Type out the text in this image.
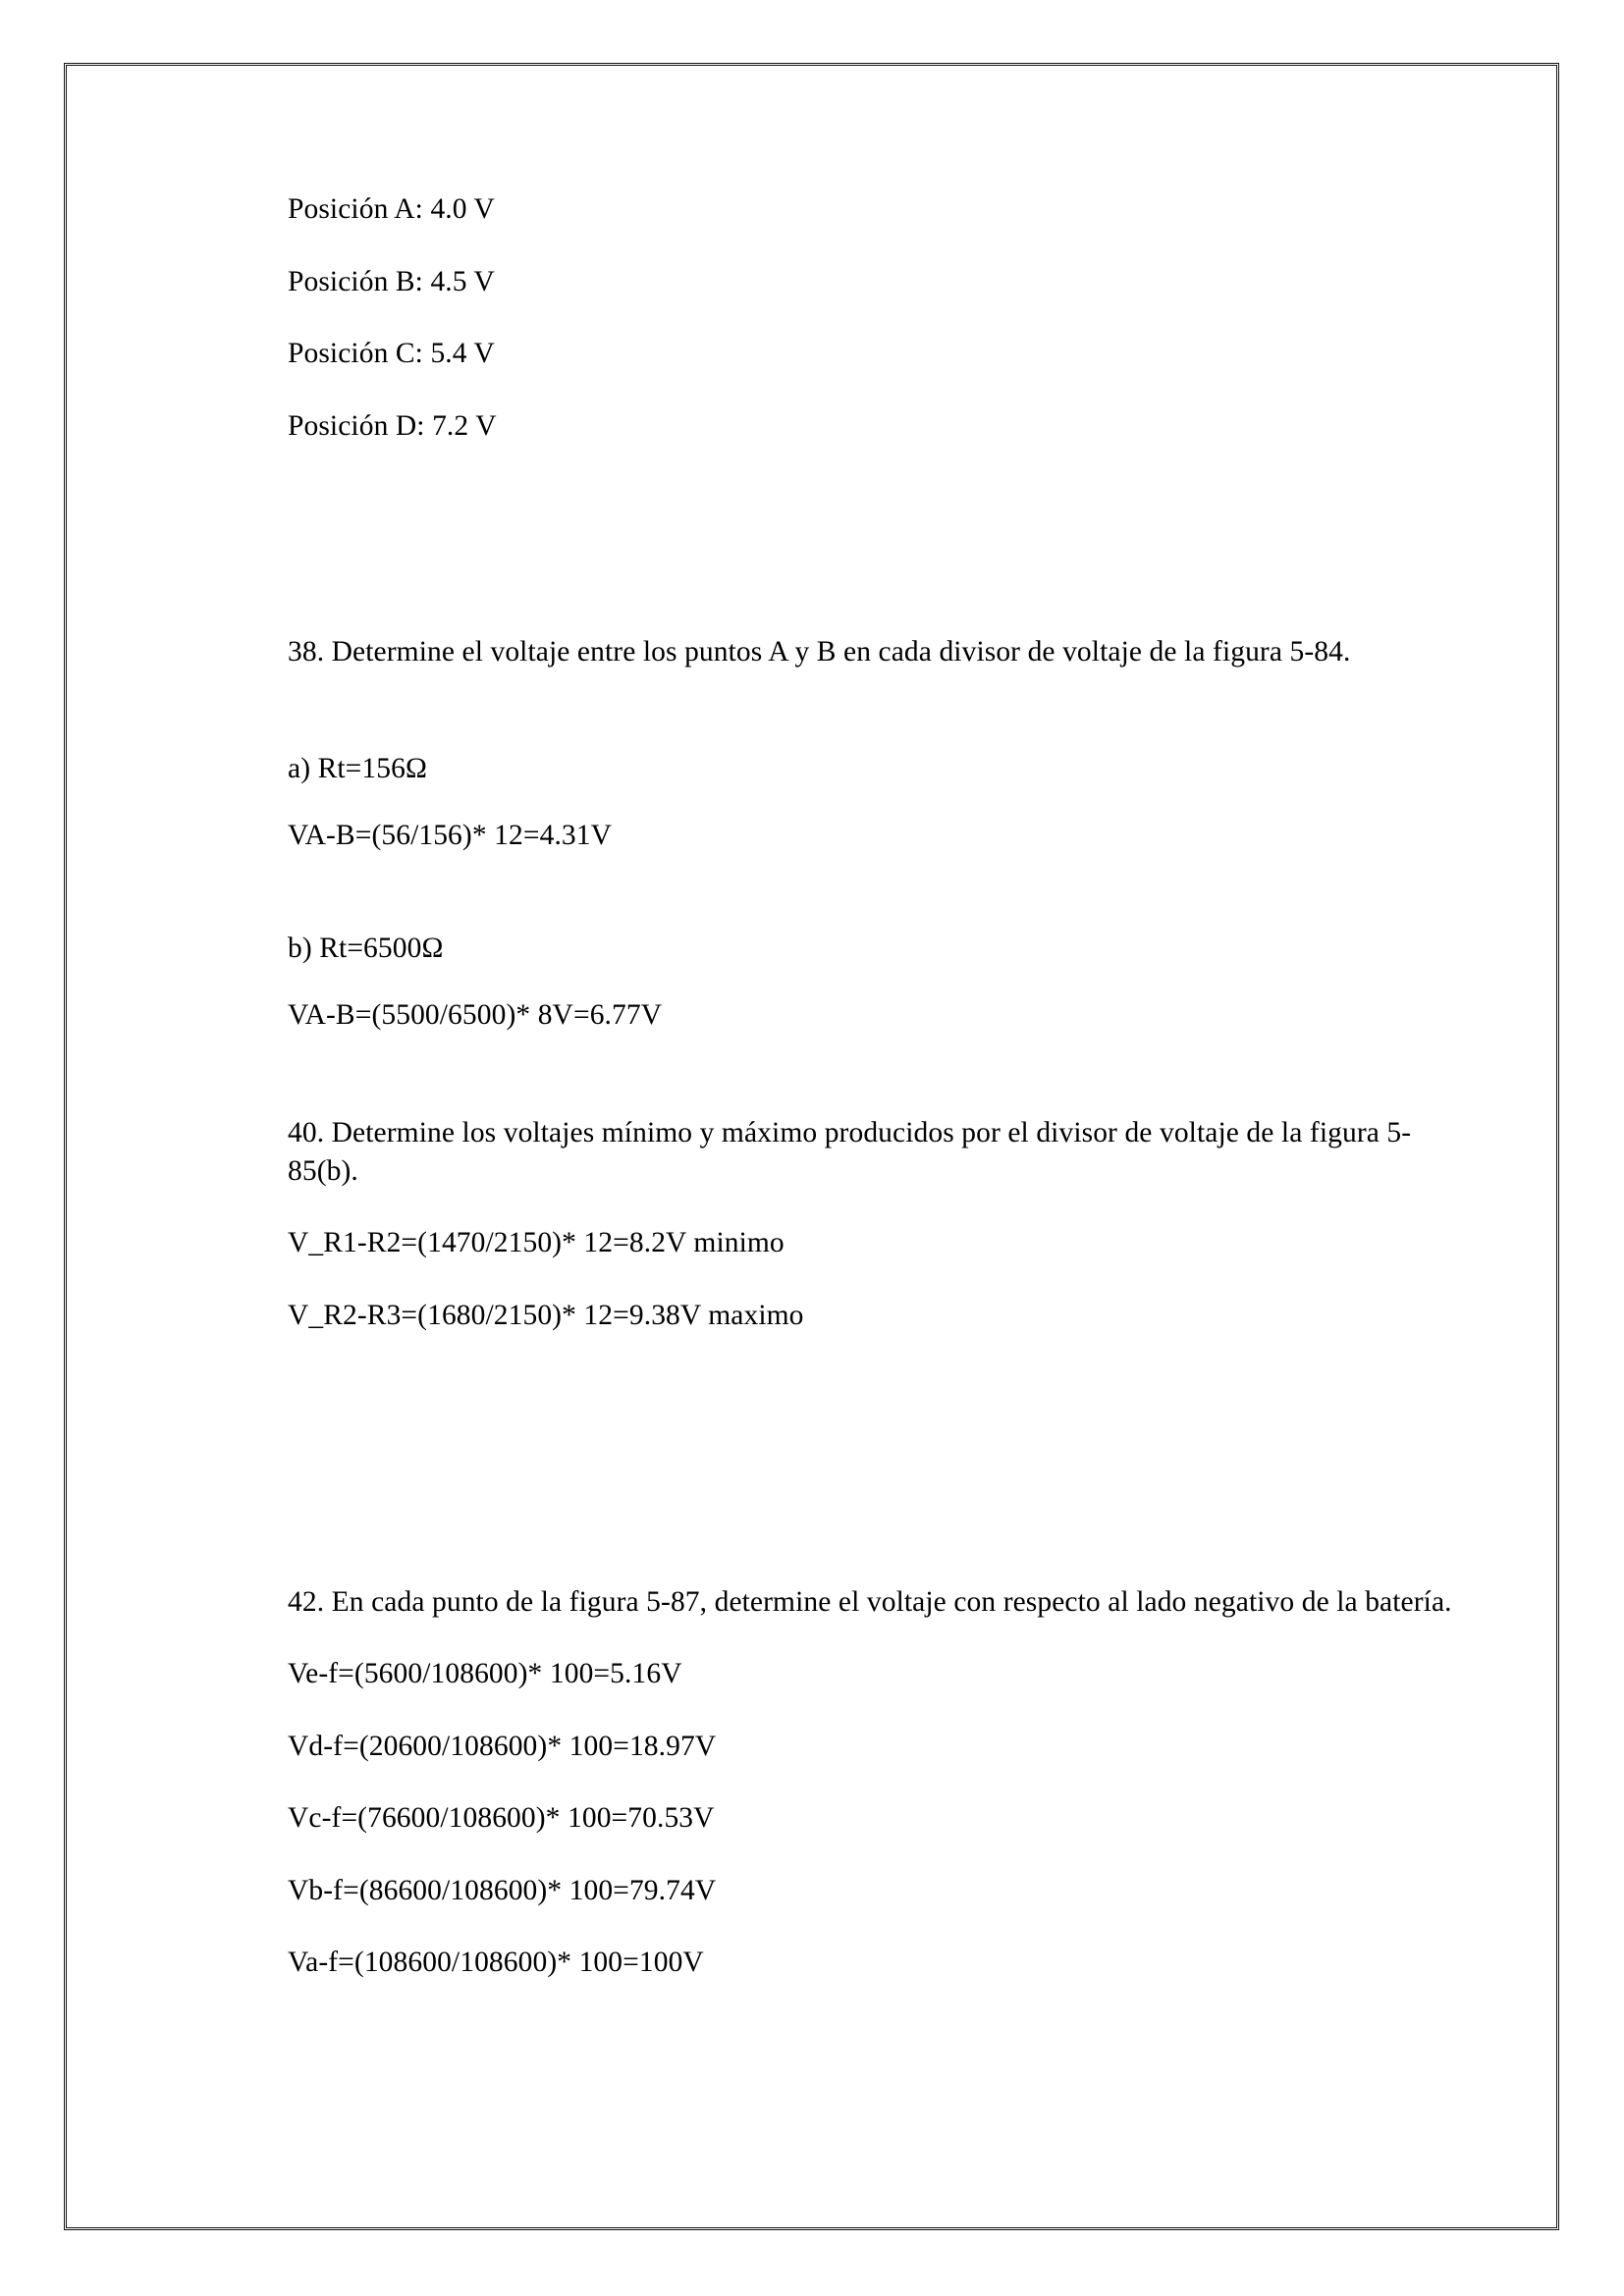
Posición A: 4.0 V

Posición B: 4.5 V

Posición C: 5.4 V

Posición D: 7.2 V

38. Determine el voltaje entre los puntos A y B en cada divisor de voltaje de la figura 5-84.

a) Rt=156Ω

VA-B=(56/156)* 12=4.31V

b) Rt=6500Ω

VA-B=(5500/6500)* 8V=6.77V

40. Determine los voltajes mínimo y máximo producidos por el divisor de voltaje de la figura 5-85(b).

V_R1-R2=(1470/2150)* 12=8.2V minimo

V_R2-R3=(1680/2150)* 12=9.38V maximo

42. En cada punto de la figura 5-87, determine el voltaje con respecto al lado negativo de la batería.

Ve-f=(5600/108600)* 100=5.16V

Vd-f=(20600/108600)* 100=18.97V

Vc-f=(76600/108600)* 100=70.53V

Vb-f=(86600/108600)* 100=79.74V

Va-f=(108600/108600)* 100=100V
